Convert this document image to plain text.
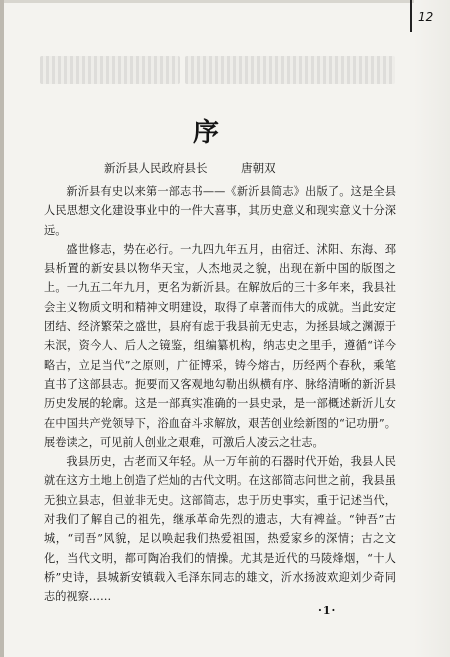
12
序
新沂县人民政府县长	唐朝双

新沂县有史以来第一部志书——《新沂县简志》出版了。这是全县人民思想文化建设事业中的一件大喜事，其历史意义和现实意义十分深远。

盛世修志，势在必行。一九四九年五月，由宿迁、沭阳、东海、邳县析置的新安县以物华天宝，人杰地灵之貌，出现在新中国的版图之上。一九五二年九月，更名为新沂县。在解放后的三十多年来，我县社会主义物质文明和精神文明建设，取得了卓著而伟大的成就。当此安定团结、经济繁荣之盛世，县府有虑于我县前无史志，为拯县域之渊源于未泯，资今人、后人之镜鉴，组编纂机构，纳志史之里手，遵循“详今略古，立足当代”之原则，广征博采，铸今熔古，历经两个春秋，乘笔直书了这部县志。扼要而又客观地勾勒出纵横有序、脉络清晰的新沂县历史发展的轮廓。这是一部真实准确的一县史录，是一部概述新沂儿女在中国共产党领导下，浴血奋斗求解放，艰苦创业绘新图的“记功册”。展卷读之，可见前人创业之艰难，可激后人凌云之壮志。

我县历史，古老而又年轻。从一万年前的石器时代开始，我县人民就在这方土地上创造了烂灿的古代文明。在这部简志问世之前，我县虽无独立县志，但並非无史。这部简志，忠于历史事实，重于记述当代，对我们了解自己的祖先，继承革命先烈的遗志，大有裨益。“钟吾”古城，“司吾”风貌，足以唤起我们热爱祖国，热爱家乡的深情；古之文化，当代文明，都可陶冶我们的情操。尤其是近代的马陵烽烟，“十人桥”史诗，县城新安镇载入毛泽东同志的雄文，沂水扬波欢迎刘少奇同志的视察……

·1·
